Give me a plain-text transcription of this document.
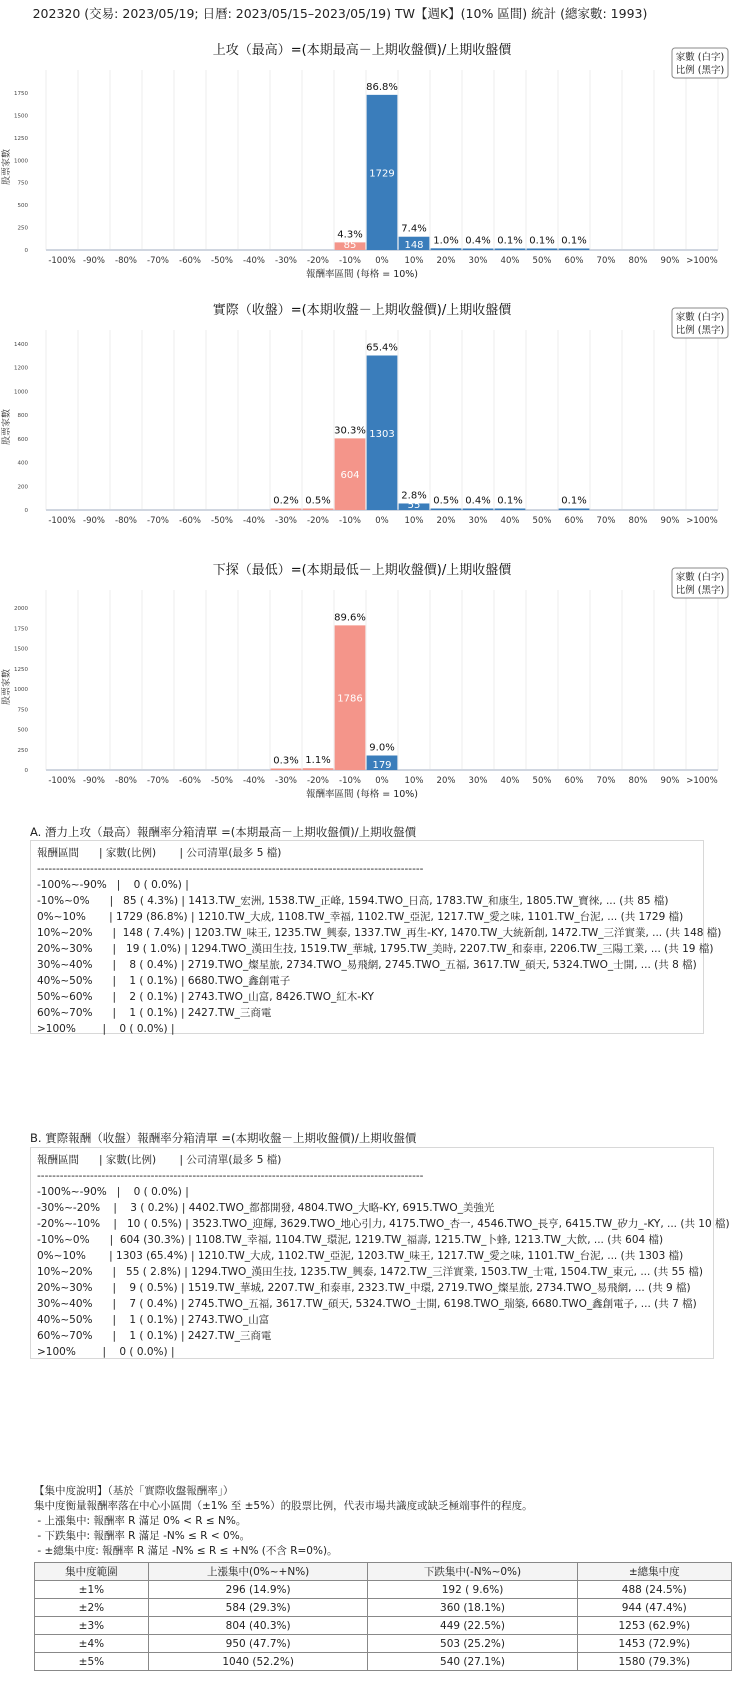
202320 (交易: 2023/05/19; 日曆: 2023/05/15–2023/05/19) TW【週K】(10% 區間) 統計 (總家數: 1993)
上攻（最高）=(本期最高－上期收盤價)/上期收盤價
0
250
500
750
1000
1250
1500
1750
股票家數
-100% -90% -80% -70% -60% -50% -40% -30% -20%
85
4.3%
-10%
1729
86.8%
0%
148
7.4%
10%
1.0%
20%
0.4%
30%
0.1%
40%
0.1%
50%
0.1%
60% 70% 80% 90% >100%
報酬率區間 (每格 = 10%)
家數 (白字)
比例 (黑字)
實際（收盤）=(本期收盤－上期收盤價)/上期收盤價
0
200
400
600
800
1000
1200
1400
股票家數
-100% -90% -80% -70% -60% -50% -40%
0.2%
-30%
0.5%
-20%
604
30.3%
-10%
1303
65.4%
0%
55
2.8%
10%
0.5%
20%
0.4%
30%
0.1%
40% 50%
0.1%
60% 70% 80% 90% >100%
家數 (白字)
比例 (黑字)
下探（最低）=(本期最低－上期收盤價)/上期收盤價
0
250
500
750
1000
1250
1500
1750
2000
股票家數
-100% -90% -80% -70% -60% -50% -40%
0.3%
-30%
1.1%
-20%
1786
89.6%
-10%
179
9.0%
0% 10% 20% 30% 40% 50% 60% 70% 80% 90% >100%
報酬率區間 (每格 = 10%)
家數 (白字)
比例 (黑字)
A. 潛力上攻（最高）報酬率分箱清單 =(本期最高－上期收盤價)/上期收盤價
報酬區間      | 家數(比例)       | 公司清單(最多 5 檔)
------------------------------------------------------------------------------------------------------
-100%~-90%   |    0 ( 0.0%) |
-10%~0%      |   85 ( 4.3%) | 1413.TW_宏洲, 1538.TW_正峰, 1594.TWO_日高, 1783.TW_和康生, 1805.TW_寶徠, ... (共 85 檔)
0%~10%       | 1729 (86.8%) | 1210.TW_大成, 1108.TW_幸福, 1102.TW_亞泥, 1217.TW_愛之味, 1101.TW_台泥, ... (共 1729 檔)
10%~20%      |  148 ( 7.4%) | 1203.TW_味王, 1235.TW_興泰, 1337.TW_再生-KY, 1470.TW_大統新創, 1472.TW_三洋實業, ... (共 148 檔)
20%~30%      |   19 ( 1.0%) | 1294.TWO_漢田生技, 1519.TW_華城, 1795.TW_美時, 2207.TW_和泰車, 2206.TW_三陽工業, ... (共 19 檔)
30%~40%      |    8 ( 0.4%) | 2719.TWO_燦星旅, 2734.TWO_易飛網, 2745.TWO_五福, 3617.TW_碩天, 5324.TWO_士開, ... (共 8 檔)
40%~50%      |    1 ( 0.1%) | 6680.TWO_鑫創電子
50%~60%      |    2 ( 0.1%) | 2743.TWO_山富, 8426.TWO_紅木-KY
60%~70%      |    1 ( 0.1%) | 2427.TW_三商電
>100%        |    0 ( 0.0%) |
B. 實際報酬（收盤）報酬率分箱清單 =(本期收盤－上期收盤價)/上期收盤價
報酬區間      | 家數(比例)       | 公司清單(最多 5 檔)
------------------------------------------------------------------------------------------------------
-100%~-90%   |    0 ( 0.0%) |
-30%~-20%    |    3 ( 0.2%) | 4402.TWO_都都開發, 4804.TWO_大略-KY, 6915.TWO_美強光
-20%~-10%    |   10 ( 0.5%) | 3523.TWO_迎輝, 3629.TWO_地心引力, 4175.TWO_杏一, 4546.TWO_長亨, 6415.TW_矽力_-KY, ... (共 10 檔)
-10%~0%      |  604 (30.3%) | 1108.TW_幸福, 1104.TW_環泥, 1219.TW_福壽, 1215.TW_卜蜂, 1213.TW_大飲, ... (共 604 檔)
0%~10%       | 1303 (65.4%) | 1210.TW_大成, 1102.TW_亞泥, 1203.TW_味王, 1217.TW_愛之味, 1101.TW_台泥, ... (共 1303 檔)
10%~20%      |   55 ( 2.8%) | 1294.TWO_漢田生技, 1235.TW_興泰, 1472.TW_三洋實業, 1503.TW_士電, 1504.TW_東元, ... (共 55 檔)
20%~30%      |    9 ( 0.5%) | 1519.TW_華城, 2207.TW_和泰車, 2323.TW_中環, 2719.TWO_燦星旅, 2734.TWO_易飛網, ... (共 9 檔)
30%~40%      |    7 ( 0.4%) | 2745.TWO_五福, 3617.TW_碩天, 5324.TWO_士開, 6198.TWO_瑞築, 6680.TWO_鑫創電子, ... (共 7 檔)
40%~50%      |    1 ( 0.1%) | 2743.TWO_山富
60%~70%      |    1 ( 0.1%) | 2427.TW_三商電
>100%        |    0 ( 0.0%) |
【集中度說明】（基於「實際收盤報酬率」）
集中度衡量報酬率落在中心小區間（±1% 至 ±5%）的股票比例，代表市場共識度或缺乏極端事件的程度。
- 上漲集中: 報酬率 R 滿足 0% < R ≤ N%。
- 下跌集中: 報酬率 R 滿足 -N% ≤ R < 0%。
- ±總集中度: 報酬率 R 滿足 -N% ≤ R ≤ +N% (不含 R=0%)。
集中度範圍	上漲集中(0%~+N%)	下跌集中(-N%~0%)	±總集中度
±1%	296 (14.9%)	192 ( 9.6%)	488 (24.5%)
±2%	584 (29.3%)	360 (18.1%)	944 (47.4%)
±3%	804 (40.3%)	449 (22.5%)	1253 (62.9%)
±4%	950 (47.7%)	503 (25.2%)	1453 (72.9%)
±5%	1040 (52.2%)	540 (27.1%)	1580 (79.3%)
